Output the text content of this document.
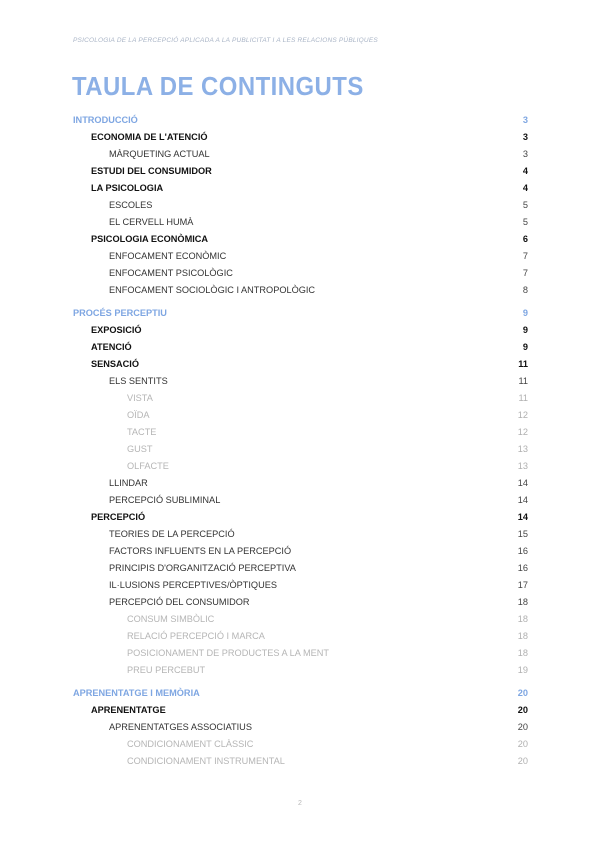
PSICOLOGIA DE LA PERCEPCIÓ APLICADA A LA PUBLICITAT I A LES RELACIONS PÚBLIQUES
TAULA DE CONTINGUTS
INTRODUCCIÓ	3
ECONOMIA DE L'ATENCIÓ	3
MÀRQUETING ACTUAL	3
ESTUDI DEL CONSUMIDOR	4
LA PSICOLOGIA	4
ESCOLES	5
EL CERVELL HUMÀ	5
PSICOLOGIA ECONÒMICA	6
ENFOCAMENT ECONÒMIC	7
ENFOCAMENT PSICOLÒGIC	7
ENFOCAMENT SOCIOLÒGIC I ANTROPOLÒGIC	8
PROCÉS PERCEPTIU	9
EXPOSICIÓ	9
ATENCIÓ	9
SENSACIÓ	11
ELS SENTITS	11
VISTA	11
OÏDA	12
TACTE	12
GUST	13
OLFACTE	13
LLINDAR	14
PERCEPCIÓ SUBLIMINAL	14
PERCEPCIÓ	14
TEORIES DE LA PERCEPCIÓ	15
FACTORS INFLUENTS EN LA PERCEPCIÓ	16
PRINCIPIS D'ORGANITZACIÓ PERCEPTIVA	16
IL·LUSIONS PERCEPTIVES/ÒPTIQUES	17
PERCEPCIÓ DEL CONSUMIDOR	18
CONSUM SIMBÒLIC	18
RELACIÓ PERCEPCIÓ I MARCA	18
POSICIONAMENT DE PRODUCTES A LA MENT	18
PREU PERCEBUT	19
APRENENTATGE I MEMÒRIA	20
APRENENTATGE	20
APRENENTATGES ASSOCIATIUS	20
CONDICIONAMENT CLÀSSIC	20
CONDICIONAMENT INSTRUMENTAL	20
2
